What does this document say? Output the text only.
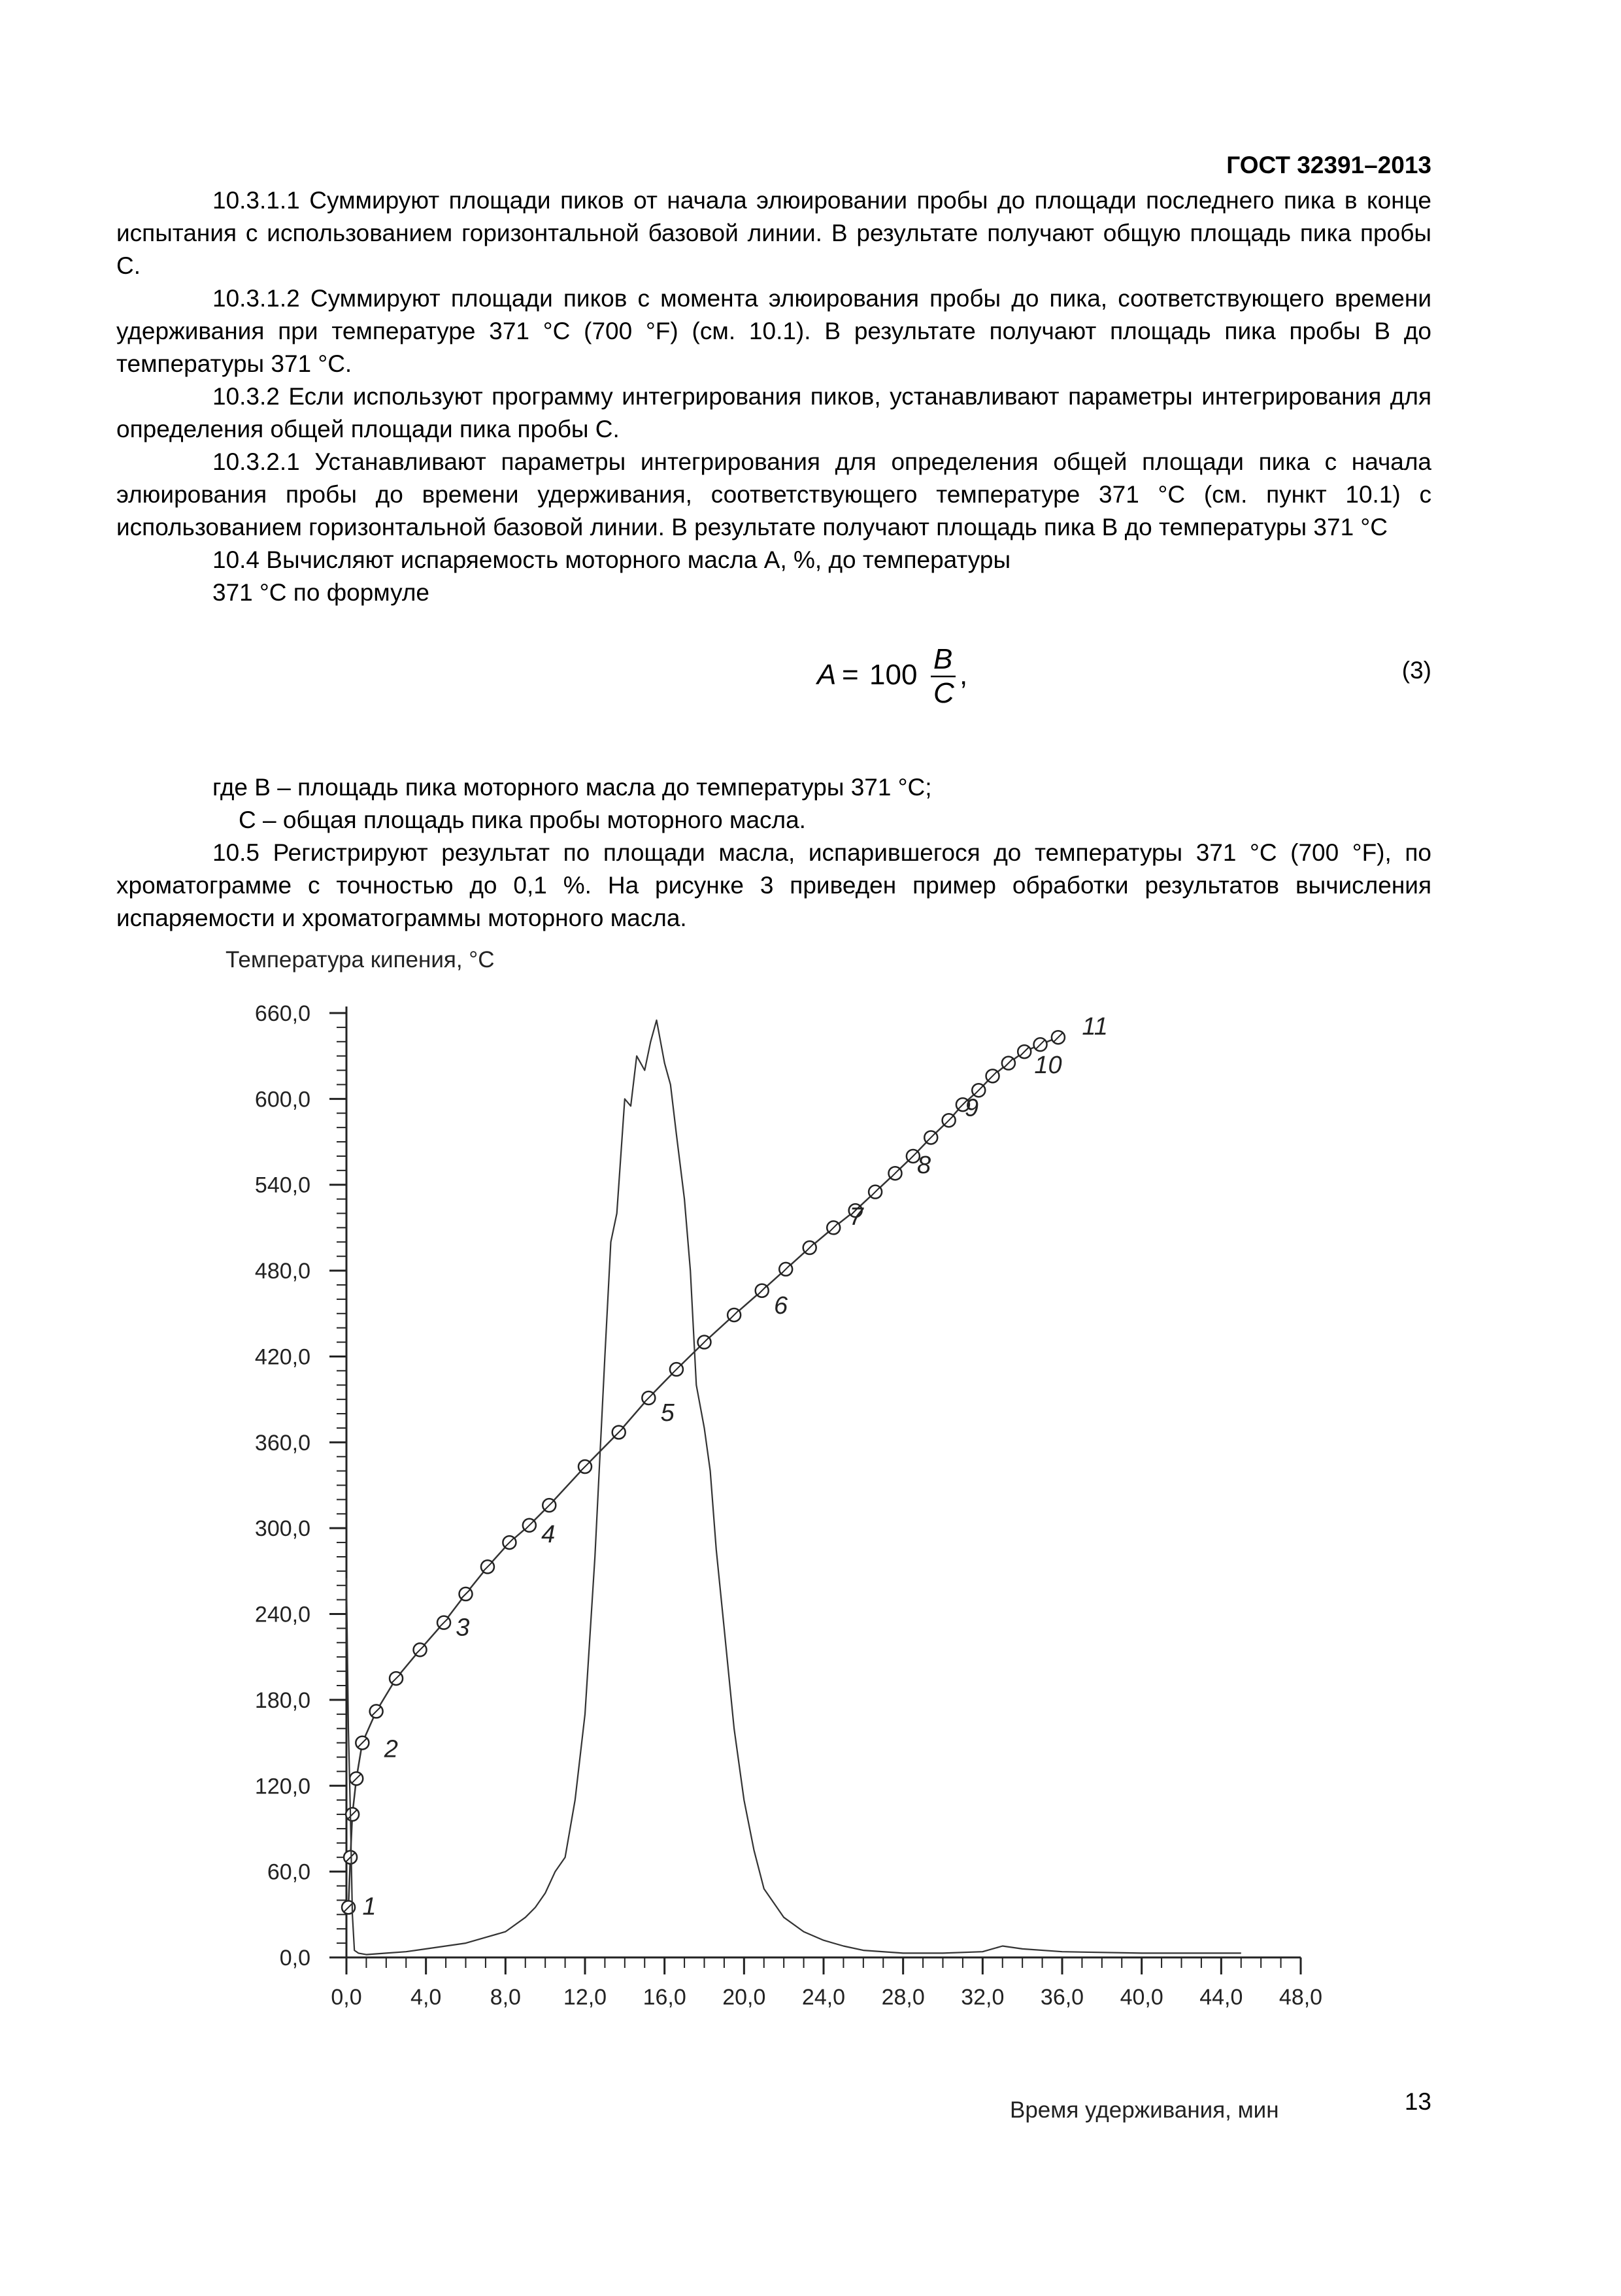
ГОСТ 32391–2013

10.3.1.1 Суммируют площади пиков от начала элюировании пробы до площади последнего пика в конце испытания с использованием горизонтальной базовой линии. В результате получают общую площадь пика пробы С.

10.3.1.2 Суммируют площади пиков с момента элюирования пробы до пика, соответствующего времени удерживания при температуре 371 °С (700 °F) (см. 10.1). В результате получают площадь пика пробы В до температуры 371 °С.

10.3.2 Если используют программу интегрирования пиков, устанавливают параметры интегрирования для определения общей площади пика пробы С.

10.3.2.1 Устанавливают параметры интегрирования для определения общей площади пика с начала элюирования пробы до времени удерживания, соответствующего температуре 371 °С (см. пункт 10.1) с использованием горизонтальной базовой линии. В результате получают площадь пика В до температуры 371 °С

10.4 Вычисляют испаряемость моторного масла А, %, до температуры

371 °С по формуле

A = 100 B
C
,	(3)

где В – площадь пика моторного масла до температуры 371 °С;

С – общая площадь пика пробы моторного масла.

10.5 Регистрируют результат по площади масла, испарившегося до температуры 371 °С (700 °F), по хроматограмме с точностью до 0,1 %. На рисунке 3 приведен пример обработки результатов вычисления испаряемости и хроматограммы моторного масла.

Температура кипения, °С
Время удерживания, мин
0,0 4,0 8,0 12,0 16,0 20,0 24,0 28,0 32,0 36,0 40,0 44,0 48,0
0,0
60,0
120,0
180,0
240,0
300,0
360,0
420,0
480,0
540,0
600,0
660,0
1
2
3
4
5
6
7
8
9
10
11
13
